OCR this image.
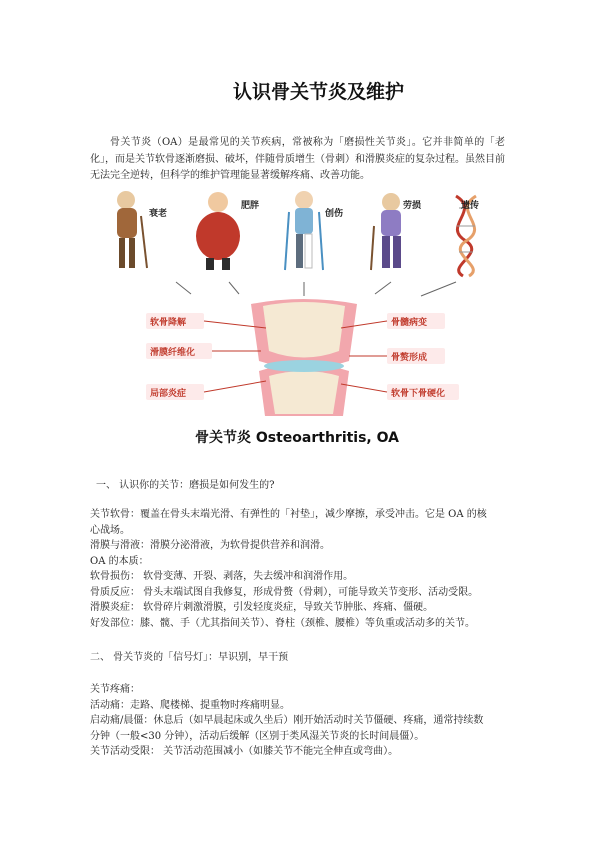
认识骨关节炎及维护
骨关节炎（OA）是最常见的关节疾病，常被称为「磨损性关节炎」。它并非简单的「老化」，而是关节软骨逐渐磨损、破坏，伴随骨质增生（骨刺）和滑膜炎症的复杂过程。虽然目前无法完全逆转，但科学的维护管理能显著缓解疼痛、改善功能。
衰老
肥胖
创伤
劳损	遗传
软骨降解
滑膜纤维化
局部炎症
骨髓病变
骨赘形成
软骨下骨硬化
骨关节炎 Osteoarthritis, OA
一、 认识你的关节：磨损是如何发生的?
关节软骨：覆盖在骨头末端光滑、有弹性的「衬垫」，减少摩擦，承受冲击。它是 OA 的核
心战场。
滑膜与滑液：滑膜分泌滑液，为软骨提供营养和润滑。
OA 的本质：
软骨损伤： 软骨变薄、开裂、剥落，失去缓冲和润滑作用。
骨质反应： 骨头末端试图自我修复，形成骨赘（骨刺），可能导致关节变形、活动受限。
滑膜炎症： 软骨碎片刺激滑膜，引发轻度炎症，导致关节肿胀、疼痛、僵硬。
好发部位：膝、髋、手（尤其指间关节）、脊柱（颈椎、腰椎）等负重或活动多的关节。
二、 骨关节炎的「信号灯」：早识别，早干预
关节疼痛：
活动痛：走路、爬楼梯、提重物时疼痛明显。
启动痛/晨僵：休息后（如早晨起床或久坐后）刚开始活动时关节僵硬、疼痛，通常持续数
分钟（一般<30 分钟），活动后缓解（区别于类风湿关节炎的长时间晨僵）。
关节活动受限： 关节活动范围减小（如膝关节不能完全伸直或弯曲）。
